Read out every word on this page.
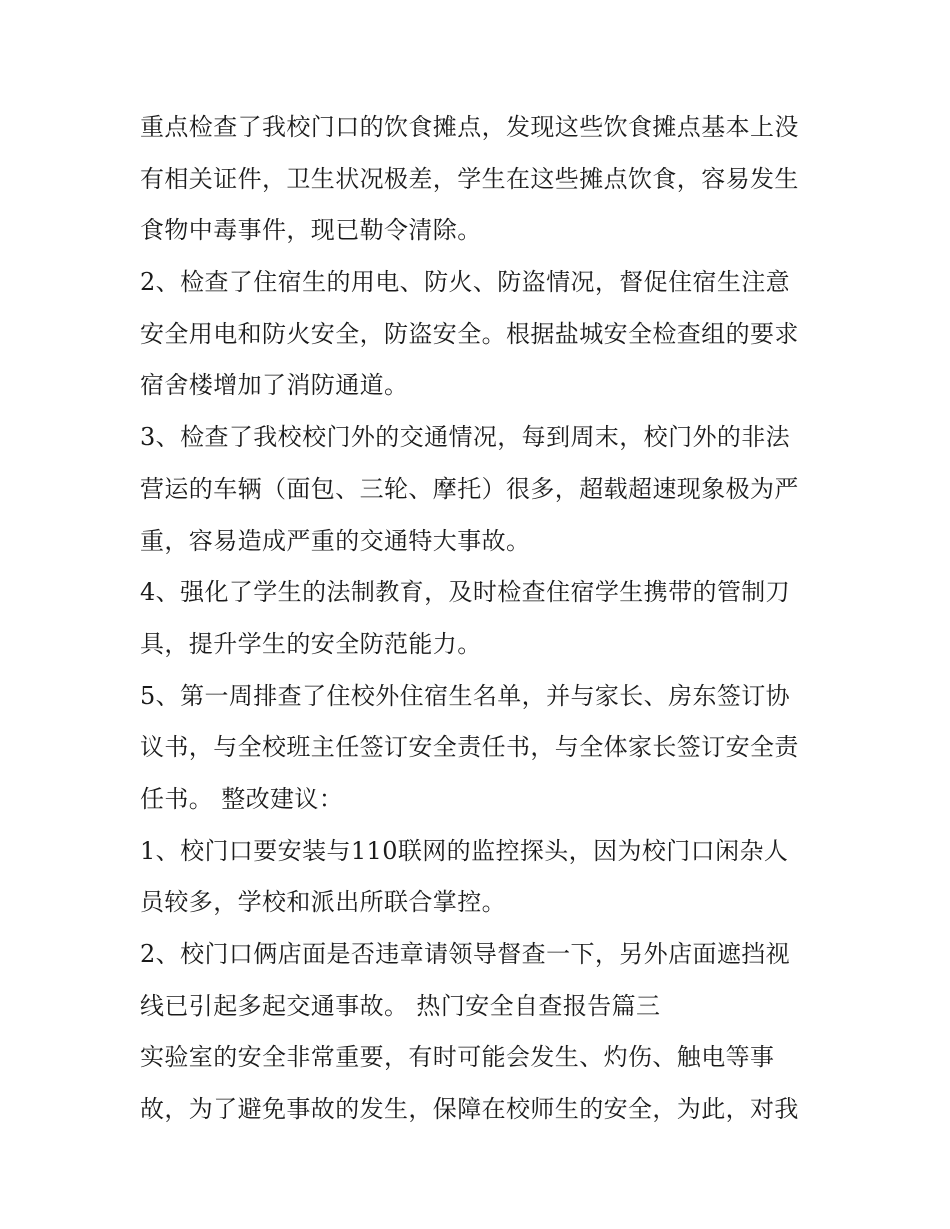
重点检查了我校门口的饮食摊点，发现这些饮食摊点基本上没
有相关证件，卫生状况极差，学生在这些摊点饮食，容易发生
食物中毒事件，现已勒令清除。
2、检查了住宿生的用电、防火、防盗情况，督促住宿生注意
安全用电和防火安全，防盗安全。根据盐城安全检查组的要求
宿舍楼增加了消防通道。
3、检查了我校校门外的交通情况，每到周末，校门外的非法
营运的车辆（面包、三轮、摩托）很多，超载超速现象极为严
重，容易造成严重的交通特大事故。
4、强化了学生的法制教育，及时检查住宿学生携带的管制刀
具，提升学生的安全防范能力。
5、第一周排查了住校外住宿生名单，并与家长、房东签订协
议书，与全校班主任签订安全责任书，与全体家长签订安全责
任书。 整改建议：
1、校门口要安装与110联网的监控探头，因为校门口闲杂人
员较多，学校和派出所联合掌控。
2、校门口俩店面是否违章请领导督查一下，另外店面遮挡视
线已引起多起交通事故。 热门安全自查报告篇三
实验室的安全非常重要，有时可能会发生、灼伤、触电等事
故，为了避免事故的发生，保障在校师生的安全，为此，对我
